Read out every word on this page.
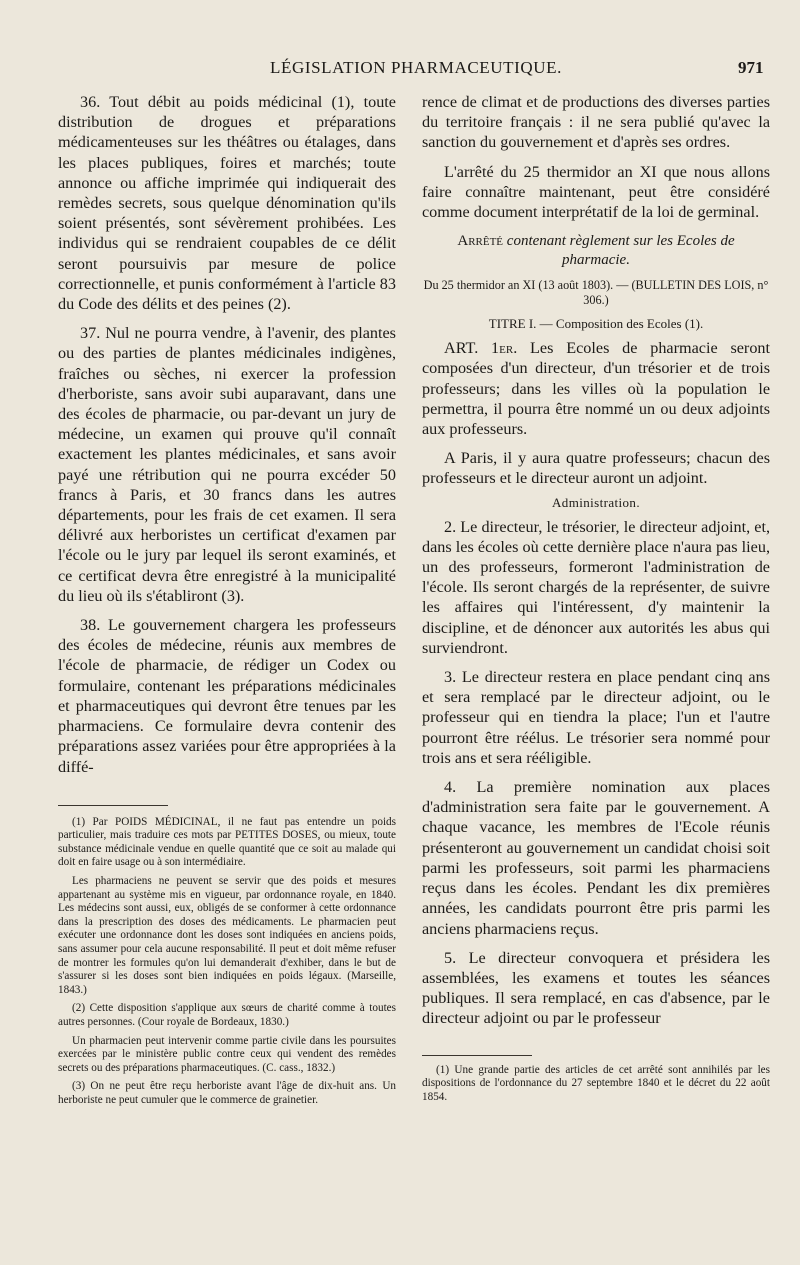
LÉGISLATION PHARMACEUTIQUE.	971

36. Tout débit au poids médicinal (1), toute distribution de drogues et préparations médicamenteuses sur les théâtres ou étalages, dans les places publiques, foires et marchés; toute annonce ou affiche imprimée qui indiquerait des remèdes secrets, sous quelque dénomination qu'ils soient présentés, sont sévèrement prohibées. Les individus qui se rendraient coupables de ce délit seront poursuivis par mesure de police correctionnelle, et punis conformément à l'article 83 du Code des délits et des peines (2).

37. Nul ne pourra vendre, à l'avenir, des plantes ou des parties de plantes médicinales indigènes, fraîches ou sèches, ni exercer la profession d'herboriste, sans avoir subi auparavant, dans une des écoles de pharmacie, ou par-devant un jury de médecine, un examen qui prouve qu'il connaît exactement les plantes médicinales, et sans avoir payé une rétribution qui ne pourra excéder 50 francs à Paris, et 30 francs dans les autres départements, pour les frais de cet examen. Il sera délivré aux herboristes un certificat d'examen par l'école ou le jury par lequel ils seront examinés, et ce certificat devra être enregistré à la municipalité du lieu où ils s'établiront (3).

38. Le gouvernement chargera les professeurs des écoles de médecine, réunis aux membres de l'école de pharmacie, de rédiger un Codex ou formulaire, contenant les préparations médicinales et pharmaceutiques qui devront être tenues par les pharmaciens. Ce formulaire devra contenir des préparations assez variées pour être appropriées à la diffé-

(1) Par POIDS MÉDICINAL, il ne faut pas entendre un poids particulier, mais traduire ces mots par PETITES DOSES, ou mieux, toute substance médicinale vendue en quelle quantité que ce soit au malade qui doit en faire usage ou à son intermédiaire.

Les pharmaciens ne peuvent se servir que des poids et mesures appartenant au système mis en vigueur, par ordonnance royale, en 1840. Les médecins sont aussi, eux, obligés de se conformer à cette ordonnance dans la prescription des doses des médicaments. Le pharmacien peut exécuter une ordonnance dont les doses sont indiquées en anciens poids, sans assumer pour cela aucune responsabilité. Il peut et doit même refuser de montrer les formules qu'on lui demanderait d'exhiber, dans le but de s'assurer si les doses sont bien indiquées en poids légaux. (Marseille, 1843.)

(2) Cette disposition s'applique aux sœurs de charité comme à toutes autres personnes. (Cour royale de Bordeaux, 1830.)

Un pharmacien peut intervenir comme partie civile dans les poursuites exercées par le ministère public contre ceux qui vendent des remèdes secrets ou des préparations pharmaceutiques. (C. cass., 1832.)

(3) On ne peut être reçu herboriste avant l'âge de dix-huit ans. Un herboriste ne peut cumuler que le commerce de grainetier.

rence de climat et de productions des diverses parties du territoire français : il ne sera publié qu'avec la sanction du gouvernement et d'après ses ordres.

L'arrêté du 25 thermidor an XI que nous allons faire connaître maintenant, peut être considéré comme document interprétatif de la loi de germinal.

Arrêté contenant règlement sur les Ecoles de pharmacie.

Du 25 thermidor an XI (13 août 1803). — (BULLETIN DES LOIS, n° 306.)

TITRE I. — Composition des Ecoles (1).

ART. 1er. Les Ecoles de pharmacie seront composées d'un directeur, d'un trésorier et de trois professeurs; dans les villes où la population le permettra, il pourra être nommé un ou deux adjoints aux professeurs.

A Paris, il y aura quatre professeurs; chacun des professeurs et le directeur auront un adjoint.

Administration.

2. Le directeur, le trésorier, le directeur adjoint, et, dans les écoles où cette dernière place n'aura pas lieu, un des professeurs, formeront l'administration de l'école. Ils seront chargés de la représenter, de suivre les affaires qui l'intéressent, d'y maintenir la discipline, et de dénoncer aux autorités les abus qui surviendront.

3. Le directeur restera en place pendant cinq ans et sera remplacé par le directeur adjoint, ou le professeur qui en tiendra la place; l'un et l'autre pourront être réélus. Le trésorier sera nommé pour trois ans et sera rééligible.

4. La première nomination aux places d'administration sera faite par le gouvernement. A chaque vacance, les membres de l'Ecole réunis présenteront au gouvernement un candidat choisi soit parmi les professeurs, soit parmi les pharmaciens reçus dans les écoles. Pendant les dix premières années, les candidats pourront être pris parmi les anciens pharmaciens reçus.

5. Le directeur convoquera et présidera les assemblées, les examens et toutes les séances publiques. Il sera remplacé, en cas d'absence, par le directeur adjoint ou par le professeur

(1) Une grande partie des articles de cet arrêté sont annihilés par les dispositions de l'ordonnance du 27 septembre 1840 et le décret du 22 août 1854.
